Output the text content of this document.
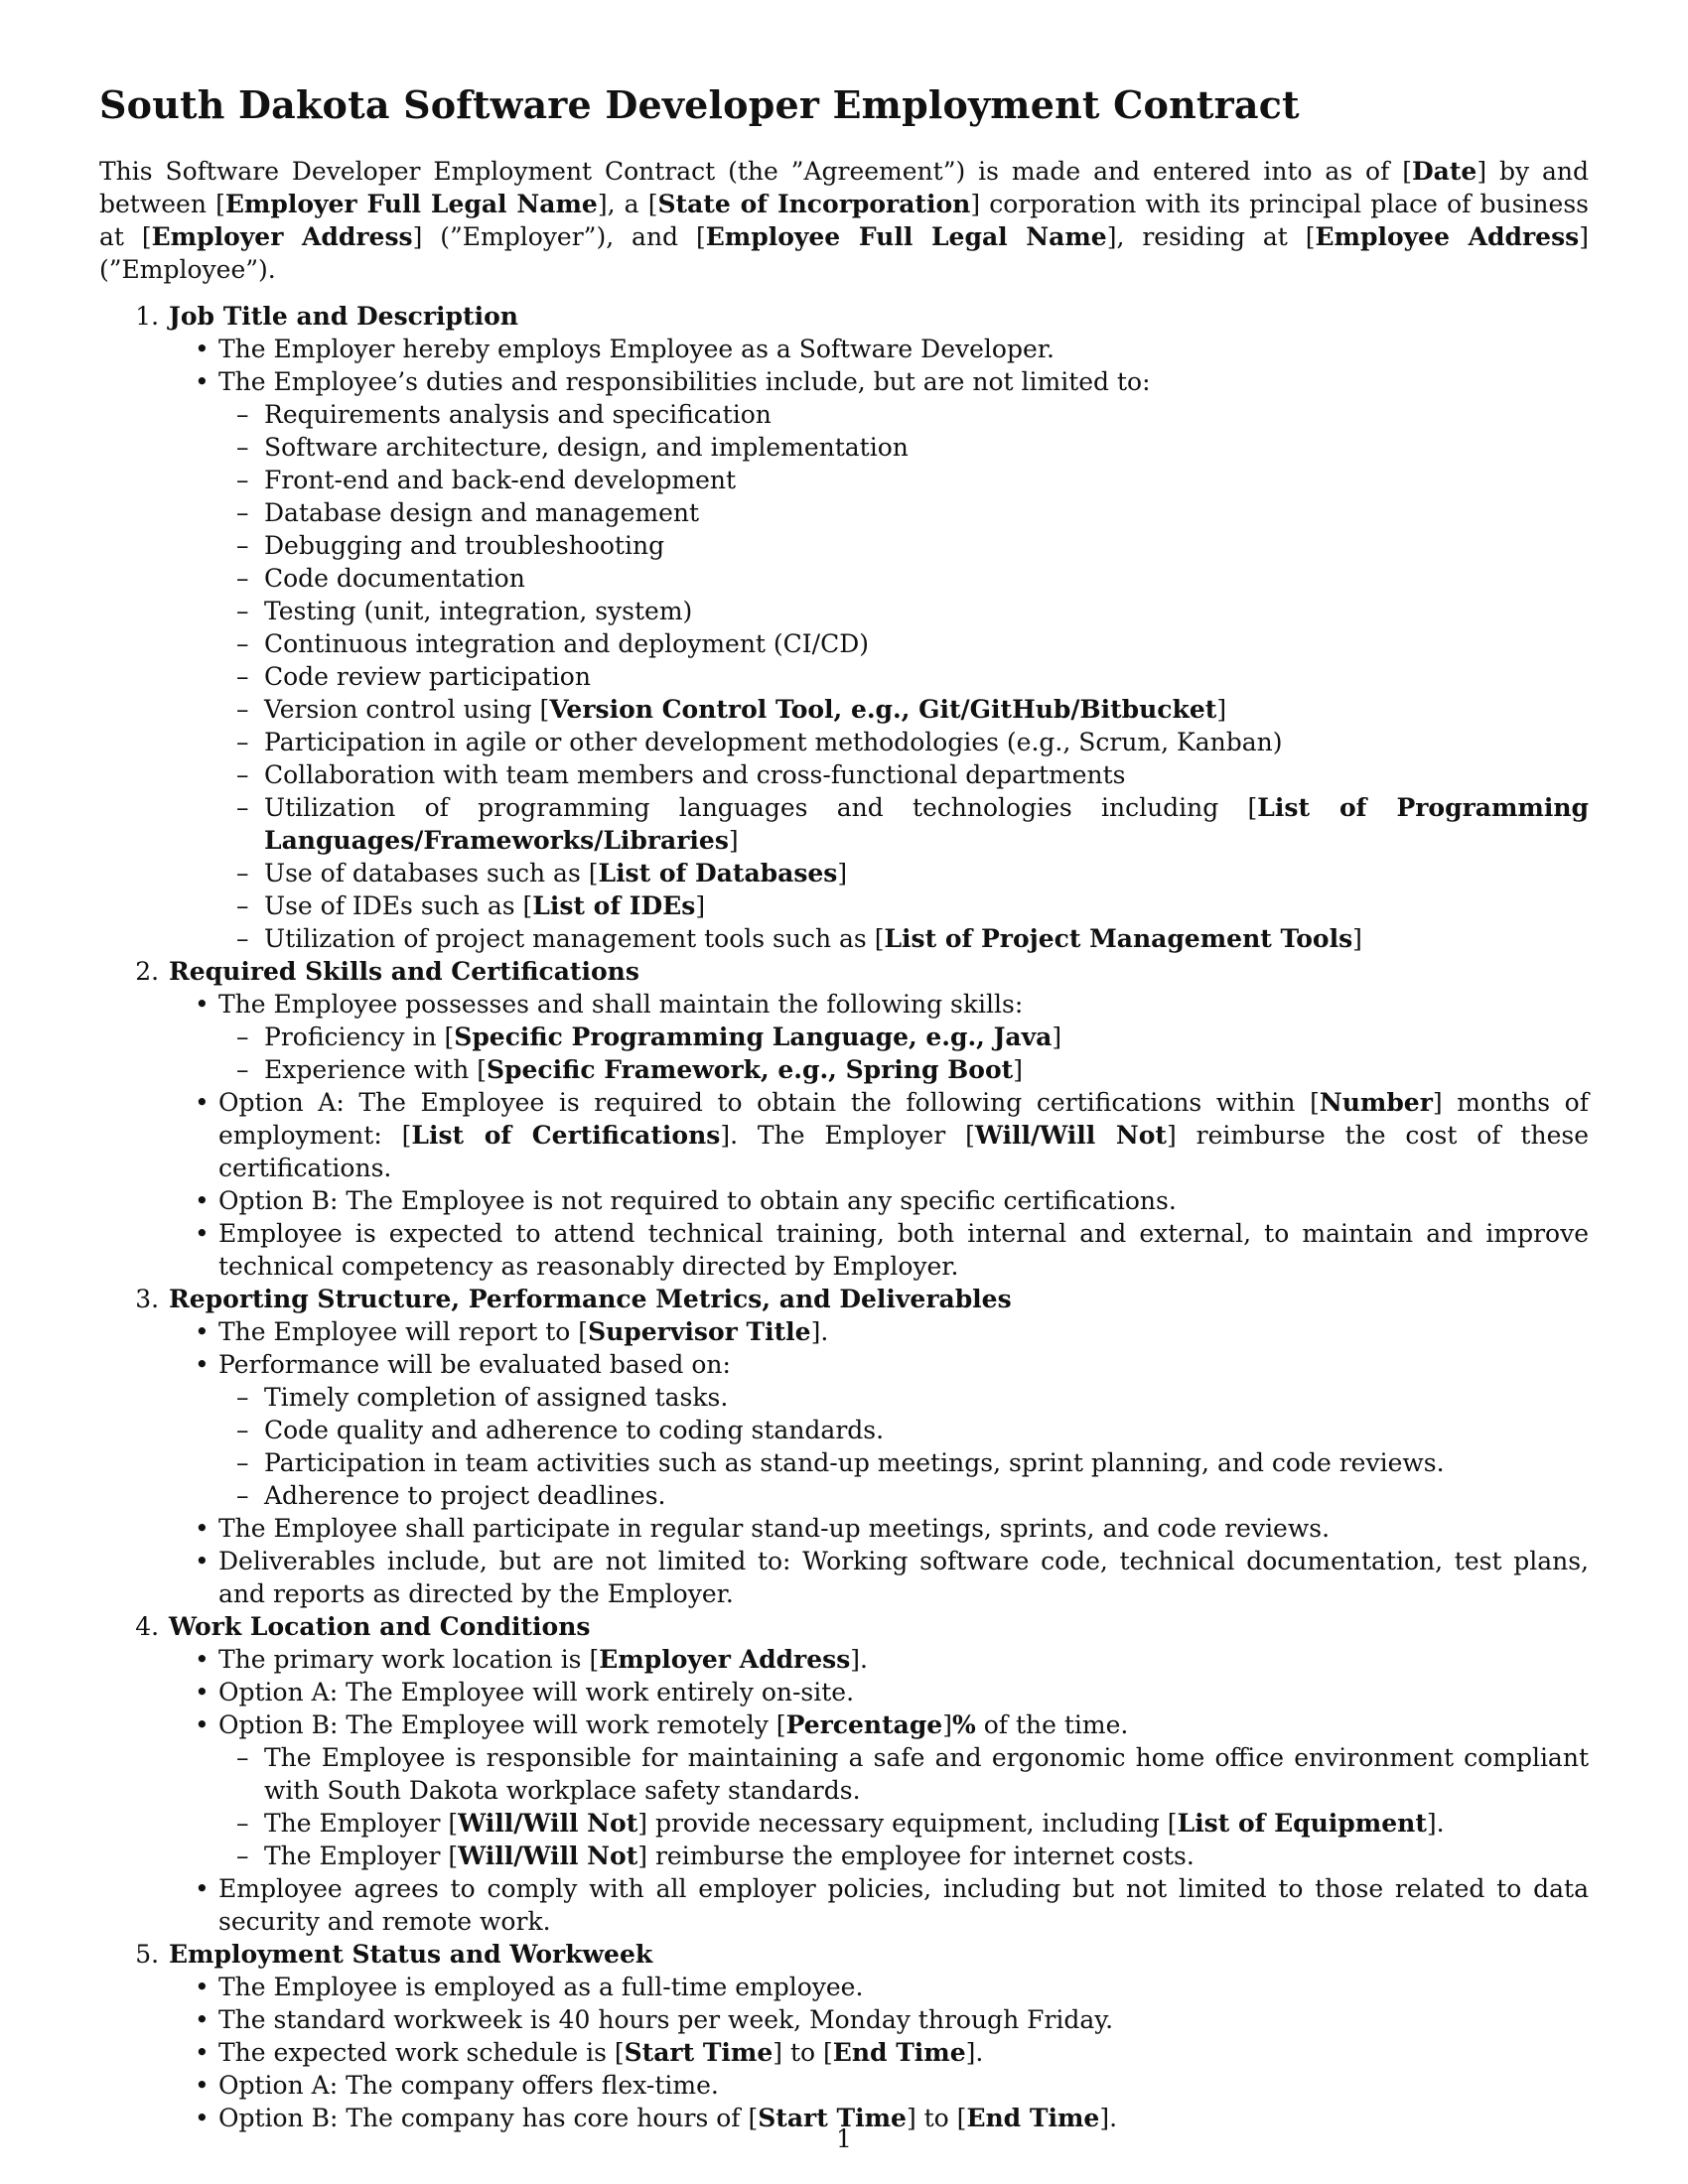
South Dakota Software Developer Employment Contract

This Software Developer Employment Contract (the ”Agreement”) is made and entered into as of [Date] by and between [Employer Full Legal Name], a [State of Incorporation] corporation with its principal place of business at [Employer Address] (”Employer”), and [Employee Full Legal Name], residing at [Employee Address] (”Employee”).

1. Job Title and Description
• The Employer hereby employs Employee as a Software Developer.
• The Employee’s duties and responsibilities include, but are not limited to:
– Requirements analysis and specification
– Software architecture, design, and implementation
– Front-end and back-end development
– Database design and management
– Debugging and troubleshooting
– Code documentation
– Testing (unit, integration, system)
– Continuous integration and deployment (CI/CD)
– Code review participation
– Version control using [Version Control Tool, e.g., Git/GitHub/Bitbucket]
– Participation in agile or other development methodologies (e.g., Scrum, Kanban)
– Collaboration with team members and cross-functional departments
– Utilization of programming languages and technologies including [List of Programming Languages/Frameworks/Libraries]
– Use of databases such as [List of Databases]
– Use of IDEs such as [List of IDEs]
– Utilization of project management tools such as [List of Project Management Tools]
2. Required Skills and Certifications
• The Employee possesses and shall maintain the following skills:
– Proficiency in [Specific Programming Language, e.g., Java]
– Experience with [Specific Framework, e.g., Spring Boot]
• Option A: The Employee is required to obtain the following certifications within [Number] months of employment: [List of Certifications]. The Employer [Will/Will Not] reimburse the cost of these certifications.
• Option B: The Employee is not required to obtain any specific certifications.
• Employee is expected to attend technical training, both internal and external, to maintain and improve technical competency as reasonably directed by Employer.
3. Reporting Structure, Performance Metrics, and Deliverables
• The Employee will report to [Supervisor Title].
• Performance will be evaluated based on:
– Timely completion of assigned tasks.
– Code quality and adherence to coding standards.
– Participation in team activities such as stand-up meetings, sprint planning, and code reviews.
– Adherence to project deadlines.
• The Employee shall participate in regular stand-up meetings, sprints, and code reviews.
• Deliverables include, but are not limited to: Working software code, technical documentation, test plans, and reports as directed by the Employer.
4. Work Location and Conditions
• The primary work location is [Employer Address].
• Option A: The Employee will work entirely on-site.
• Option B: The Employee will work remotely [Percentage]% of the time.
– The Employee is responsible for maintaining a safe and ergonomic home office environment compliant with South Dakota workplace safety standards.
– The Employer [Will/Will Not] provide necessary equipment, including [List of Equipment].
– The Employer [Will/Will Not] reimburse the employee for internet costs.
• Employee agrees to comply with all employer policies, including but not limited to those related to data security and remote work.
5. Employment Status and Workweek
• The Employee is employed as a full-time employee.
• The standard workweek is 40 hours per week, Monday through Friday.
• The expected work schedule is [Start Time] to [End Time].
• Option A: The company offers flex-time.
• Option B: The company has core hours of [Start Time] to [End Time].
1
